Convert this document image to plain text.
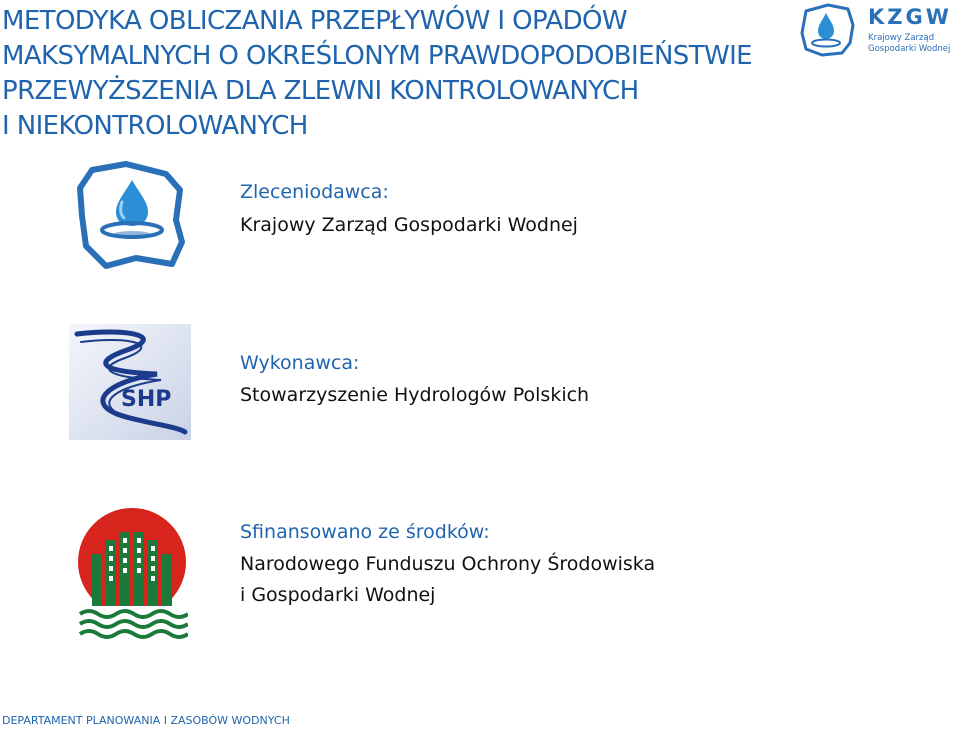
METODYKA OBLICZANIA PRZEPŁYWÓW I OPADÓW
MAKSYMALNYCH O OKREŚLONYM PRAWDOPODOBIEŃSTWIE
PRZEWYŻSZENIA DLA ZLEWNI KONTROLOWANYCH
I NIEKONTROLOWANYCH
KZGW
Krajowy Zarząd
Gospodarki Wodnej
Zleceniodawca:
Krajowy Zarząd Gospodarki Wodnej
SHP
Wykonawca:
Stowarzyszenie Hydrologów Polskich
Sfinansowano ze środków:
Narodowego Funduszu Ochrony Środowiska
i Gospodarki Wodnej
DEPARTAMENT PLANOWANIA I ZASOBÓW WODNYCH
